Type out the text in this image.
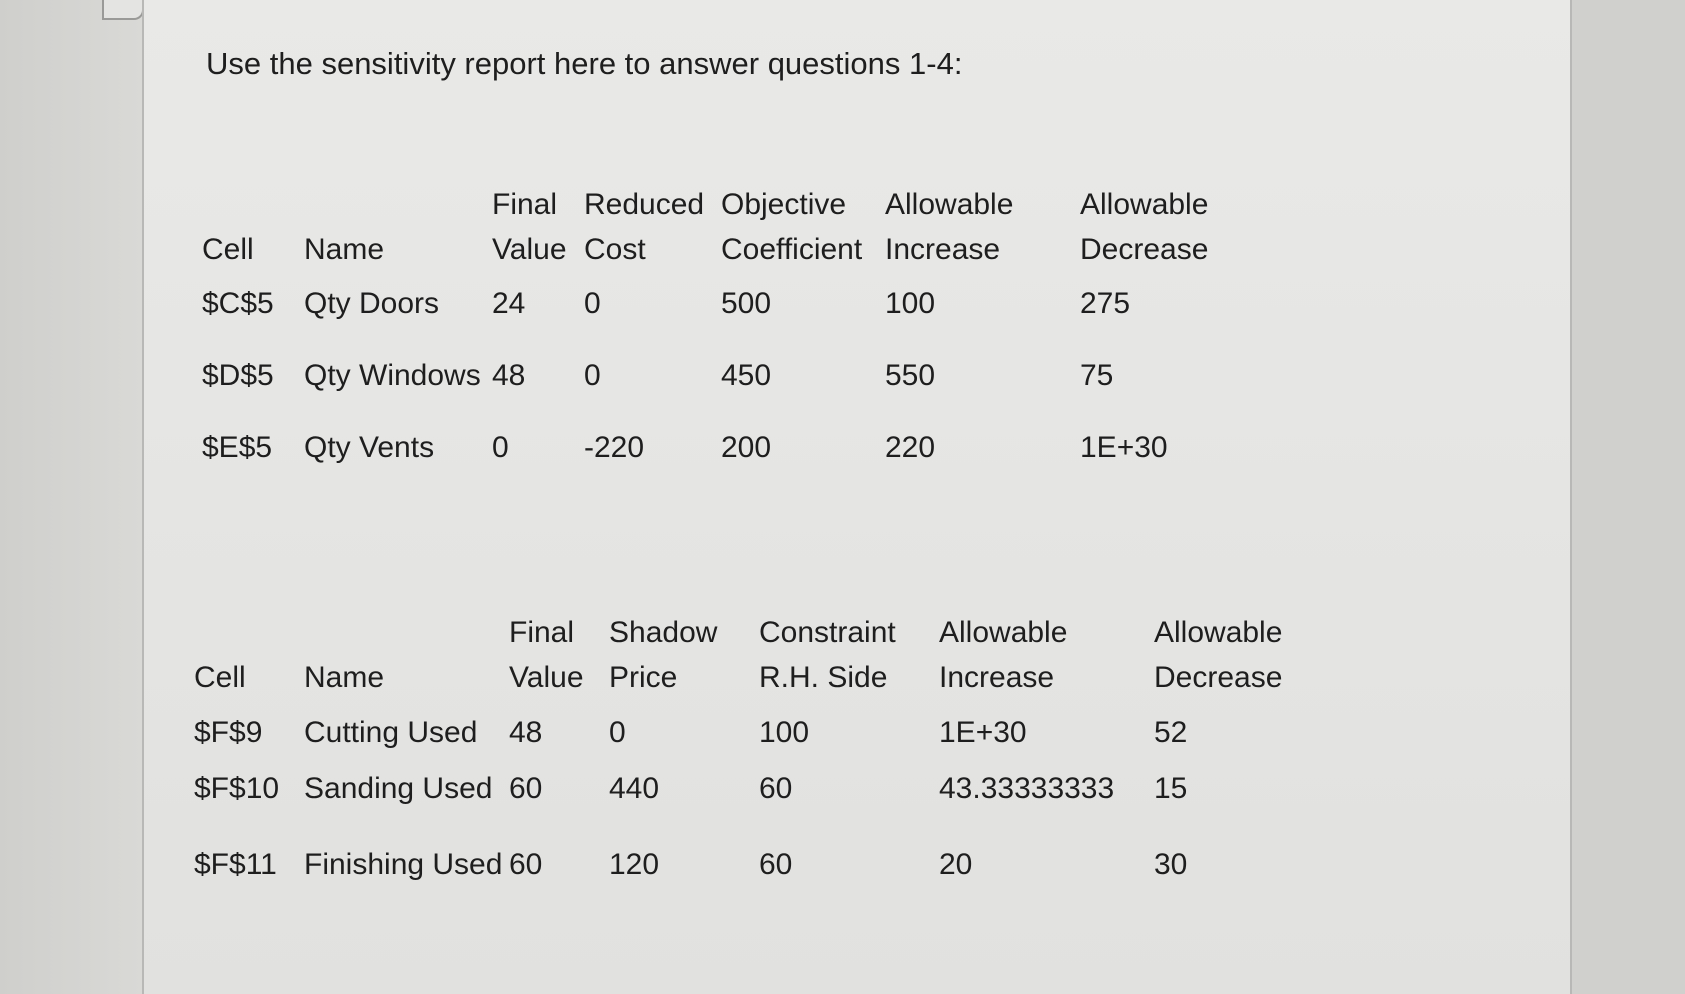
Use the sensitivity report here to answer questions 1-4:

		Final	Reduced	Objective	Allowable	Allowable
Cell	Name	Value	Cost	Coefficient	Increase	Decrease
$C$5	Qty Doors	24	0	500	100	275
$D$5	Qty Windows	48	0	450	550	75
$E$5	Qty Vents	0	-220	200	220	1E+30
		Final	Shadow	Constraint	Allowable	Allowable
Cell	Name	Value	Price	R.H. Side	Increase	Decrease
$F$9	Cutting Used	48	0	100	1E+30	52
$F$10	Sanding Used	60	440	60	43.33333333	15
$F$11	Finishing Used	60	120	60	20	30
